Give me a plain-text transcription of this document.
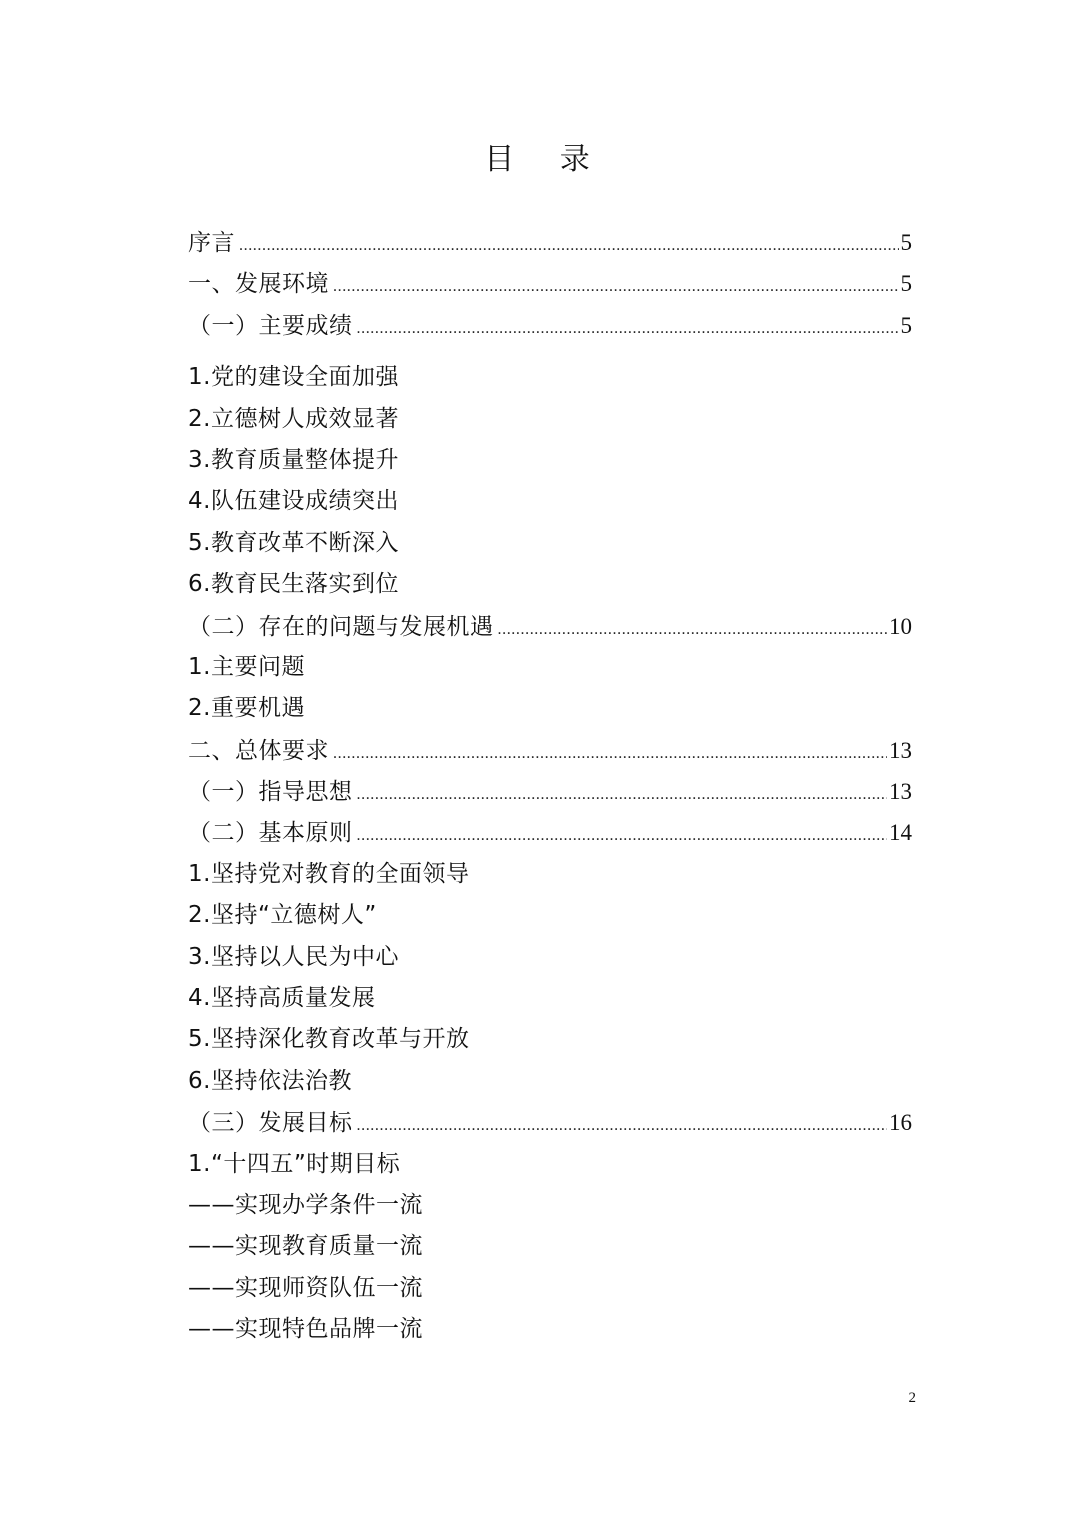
目 录
序言 .....	5
一、发展环境 .....	5
（一）主要成绩 .....	5
1.党的建设全面加强
2.立德树人成效显著
3.教育质量整体提升
4.队伍建设成绩突出
5.教育改革不断深入
6.教育民生落实到位
（二）存在的问题与发展机遇 .....	10
1.主要问题
2.重要机遇
二、总体要求 .....	13
（一）指导思想 .....	13
（二）基本原则 .....	14
1.坚持党对教育的全面领导
2.坚持“立德树人”
3.坚持以人民为中心
4.坚持高质量发展
5.坚持深化教育改革与开放
6.坚持依法治教
（三）发展目标 .....	16
1.“十四五”时期目标
——实现办学条件一流
——实现教育质量一流
——实现师资队伍一流
——实现特色品牌一流
2
